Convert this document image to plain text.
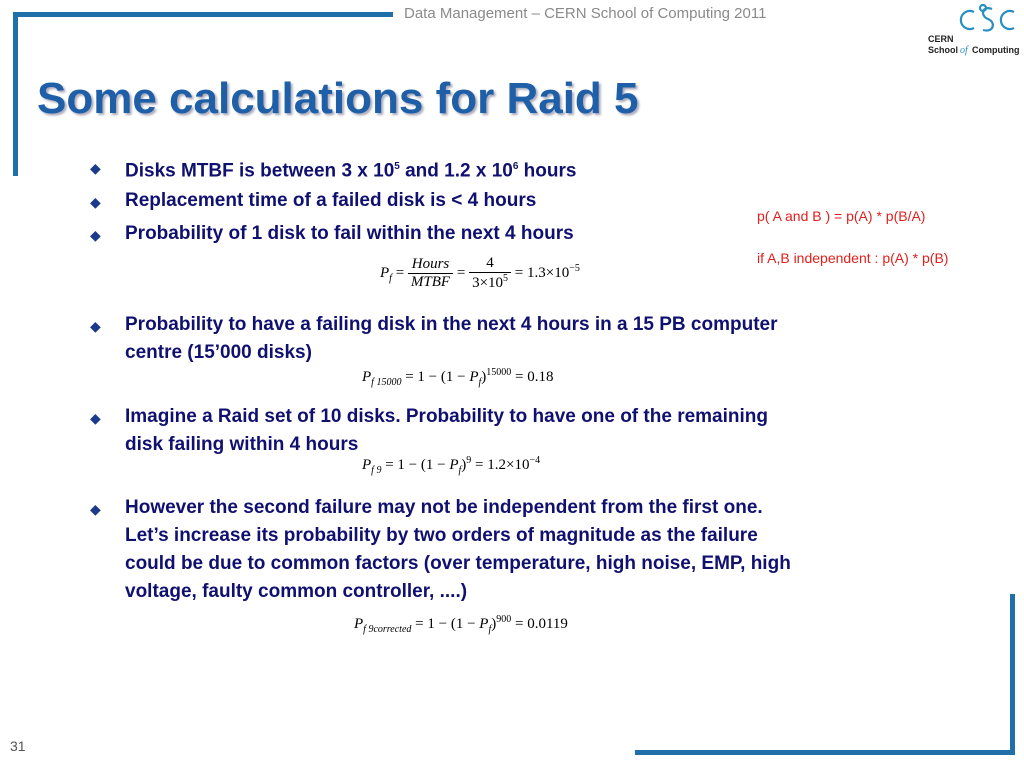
Data Management – CERN School of Computing 2011
CERN
School of Computing
Some calculations for Raid 5
◆ Disks MTBF is between 3 x $10^5$ and 1.2 x $10^6$ hours
◆ Replacement time of a failed disk is < 4 hours
◆ Probability of 1 disk to fail within the next 4 hours
p( A and B ) = p(A) * p(B/A)
if A,B independent : p(A) * p(B)
$P_f = \frac{\text{Hours}}{\text{MTBF}} = \frac{4}{3\times 10^5} = 1.3\times 10^{-5}$
◆ Probability to have a failing disk in the next 4 hours in a 15 PB computer
centre (15’000 disks)
$P_{f 15000} = 1 - (1 - P_f)^{15000} = 0.18$
◆ Imagine a Raid set of 10 disks. Probability to have one of the remaining
disk failing within 4 hours
$P_{f 9} = 1 - (1 - P_f)^9 = 1.2\times 10^{-4}$
◆ However the second failure may not be independent from the first one.
Let’s increase its probability by two orders of magnitude as the failure
could be due to common factors (over temperature, high noise, EMP, high
voltage, faulty common controller, ....)
$P_{f 9corrected} = 1 - (1 - P_f)^{900} = 0.0119$
31
